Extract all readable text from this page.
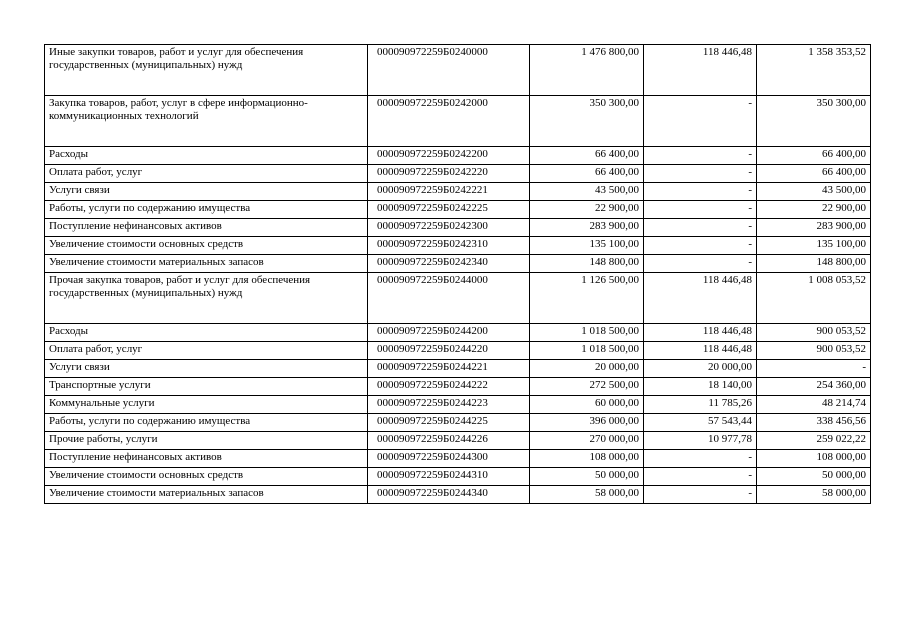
Иные закупки товаров, работ и услуг для обеспечения государственных (муниципальных) нужд	000090972259Б0240000	1 476 800,00	118 446,48	1 358 353,52
Закупка товаров, работ, услуг в сфере информационно-коммуникационных технологий	000090972259Б0242000	350 300,00	-	350 300,00
Расходы	000090972259Б0242200	66 400,00	-	66 400,00
Оплата работ, услуг	000090972259Б0242220	66 400,00	-	66 400,00
Услуги связи	000090972259Б0242221	43 500,00	-	43 500,00
Работы, услуги по содержанию имущества	000090972259Б0242225	22 900,00	-	22 900,00
Поступление нефинансовых активов	000090972259Б0242300	283 900,00	-	283 900,00
Увеличение стоимости основных средств	000090972259Б0242310	135 100,00	-	135 100,00
Увеличение стоимости материальных запасов	000090972259Б0242340	148 800,00	-	148 800,00
Прочая закупка товаров, работ и услуг для обеспечения государственных (муниципальных) нужд	000090972259Б0244000	1 126 500,00	118 446,48	1 008 053,52
Расходы	000090972259Б0244200	1 018 500,00	118 446,48	900 053,52
Оплата работ, услуг	000090972259Б0244220	1 018 500,00	118 446,48	900 053,52
Услуги связи	000090972259Б0244221	20 000,00	20 000,00	-
Транспортные услуги	000090972259Б0244222	272 500,00	18 140,00	254 360,00
Коммунальные услуги	000090972259Б0244223	60 000,00	11 785,26	48 214,74
Работы, услуги по содержанию имущества	000090972259Б0244225	396 000,00	57 543,44	338 456,56
Прочие работы, услуги	000090972259Б0244226	270 000,00	10 977,78	259 022,22
Поступление нефинансовых активов	000090972259Б0244300	108 000,00	-	108 000,00
Увеличение стоимости основных средств	000090972259Б0244310	50 000,00	-	50 000,00
Увеличение стоимости материальных запасов	000090972259Б0244340	58 000,00	-	58 000,00
